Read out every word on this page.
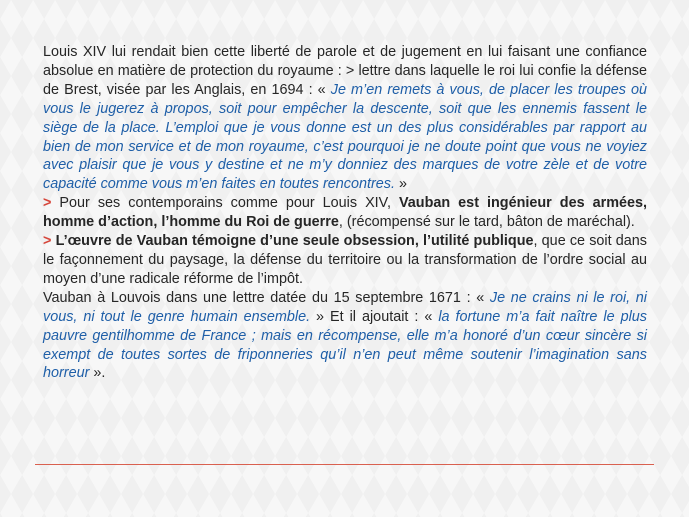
Louis XIV lui rendait bien cette liberté de parole et de jugement en lui faisant une confiance absolue en matière de protection du royaume : > lettre dans laquelle le roi lui confie la défense de Brest, visée par les Anglais, en 1694 : « Je m’en remets à vous, de placer les troupes où vous le jugerez à propos, soit pour empêcher la descente, soit que les ennemis fassent le siège de la place. L’emploi que je vous donne est un des plus considérables par rapport au bien de mon service et de mon royaume, c’est pourquoi je ne doute point que vous ne voyiez avec plaisir que je vous y destine et ne m’y donniez des marques de votre zèle et de votre capacité comme vous m’en faites en toutes rencontres. »

> Pour ses contemporains comme pour Louis XIV, Vauban est ingénieur des armées, homme d’action, l’homme du Roi de guerre, (récompensé sur le tard, bâton de maréchal).

> L’œuvre de Vauban témoigne d’une seule obsession, l’utilité publique, que ce soit dans le façonnement du paysage, la défense du territoire ou la transformation de l’ordre social au moyen d’une radicale réforme de l’impôt.

Vauban à Louvois dans une lettre datée du 15 septembre 1671 : « Je ne crains ni le roi, ni vous, ni tout le genre humain ensemble. » Et il ajoutait : « la fortune m’a fait naître le plus pauvre gentilhomme de France ; mais en récompense, elle m’a honoré d’un cœur sincère si exempt de toutes sortes de friponneries qu’il n’en peut même soutenir l’imagination sans horreur ».
